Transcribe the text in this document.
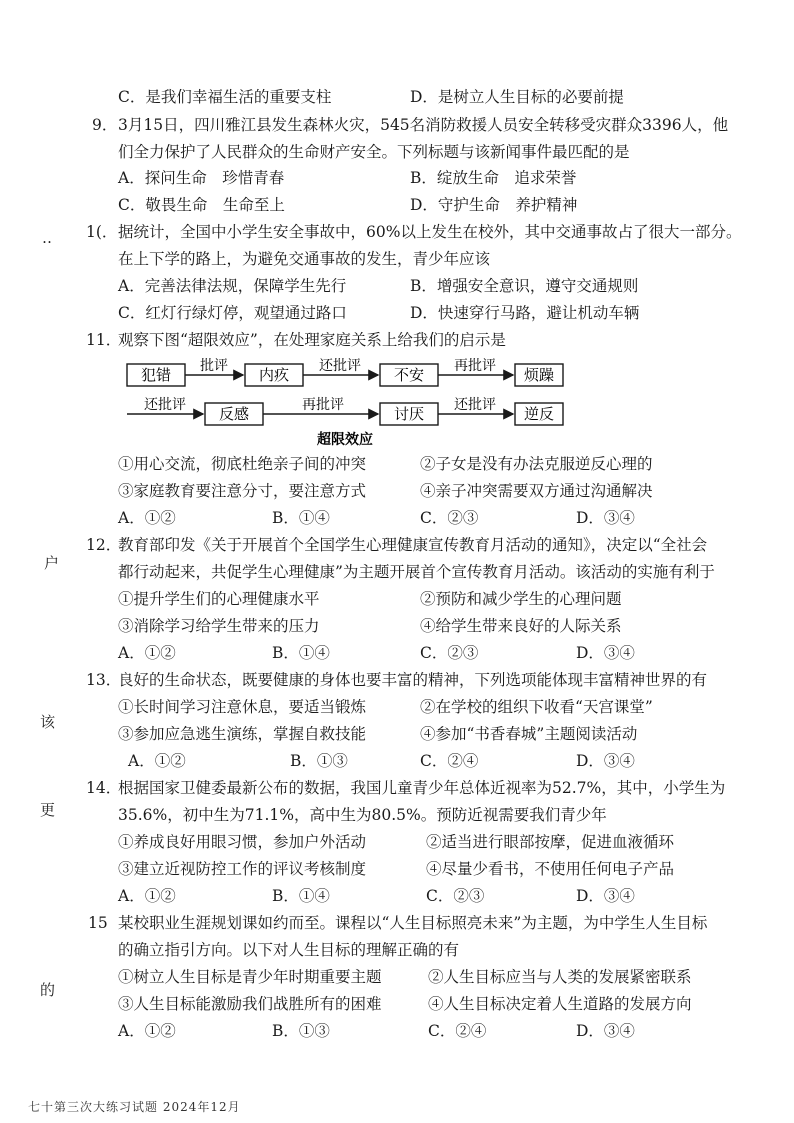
C．是我们幸福生活的重要支柱	D．是树立人生目标的必要前提
9． 3月15日，四川雅江县发生森林火灾，545名消防救援人员安全转移受灾群众3396人，他
们全力保护了人民群众的生命财产安全。下列标题与该新闻事件最匹配的是
A．探问生命　珍惜青春	B．绽放生命　追求荣誉
C．敬畏生命　生命至上	D．守护生命　养护精神
1(． 据统计，全国中小学生安全事故中，60%以上发生在校外，其中交通事故占了很大一部分。
在上下学的路上，为避免交通事故的发生，青少年应该
A．完善法律法规，保障学生先行	B．增强安全意识，遵守交通规则
C．红灯行绿灯停，观望通过路口	D．快速穿行马路，避让机动车辆
11．
观察下图“超限效应”，在处理家庭关系上给我们的启示是
犯错	内疚	不安	烦躁
批评	还批评	再批评
还批评 反感	再批评	讨厌 还批评 逆反
超限效应
①用心交流，彻底杜绝亲子间的冲突	②子女是没有办法克服逆反心理的
③家庭教育要注意分寸，要注意方式	④亲子冲突需要双方通过沟通解决
A．①②	B．①④	C．②③	D．③④
12．
教育部印发《关于开展首个全国学生心理健康宣传教育月活动的通知》，决定以“全社会
都行动起来，共促学生心理健康”为主题开展首个宣传教育月活动。该活动的实施有利于
①提升学生们的心理健康水平	②预防和减少学生的心理问题
③消除学习给学生带来的压力	④给学生带来良好的人际关系
A．①②	B．①④	C．②③	D．③④
13．
良好的生命状态，既要健康的身体也要丰富的精神，下列选项能体现丰富精神世界的有
①长时间学习注意休息，要适当锻炼	②在学校的组织下收看“天宫课堂”
③参加应急逃生演练，掌握自救技能	④参加“书香春城”主题阅读活动
A．①②	B．①③	C．②④	D．③④
14．
根据国家卫健委最新公布的数据，我国儿童青少年总体近视率为52.7%，其中，小学生为
35.6%，初中生为71.1%，高中生为80.5%。预防近视需要我们青少年
①养成良好用眼习惯，参加户外活动	②适当进行眼部按摩，促进血液循环
③建立近视防控工作的评议考核制度	④尽量少看书，不使用任何电子产品
A．①②	B．①④	C．②③	D．③④
15 某校职业生涯规划课如约而至。课程以“人生目标照亮未来”为主题，为中学生人生目标
的确立指引方向。以下对人生目标的理解正确的有
①树立人生目标是青少年时期重要主题	②人生目标应当与人类的发展紧密联系
③人生目标能激励我们战胜所有的困难	④人生目标决定着人生道路的发展方向
A．①②	B．①③	C．②④	D．③④
‥
户
该
更
的
七十第三次大练习试题 2024年12月
